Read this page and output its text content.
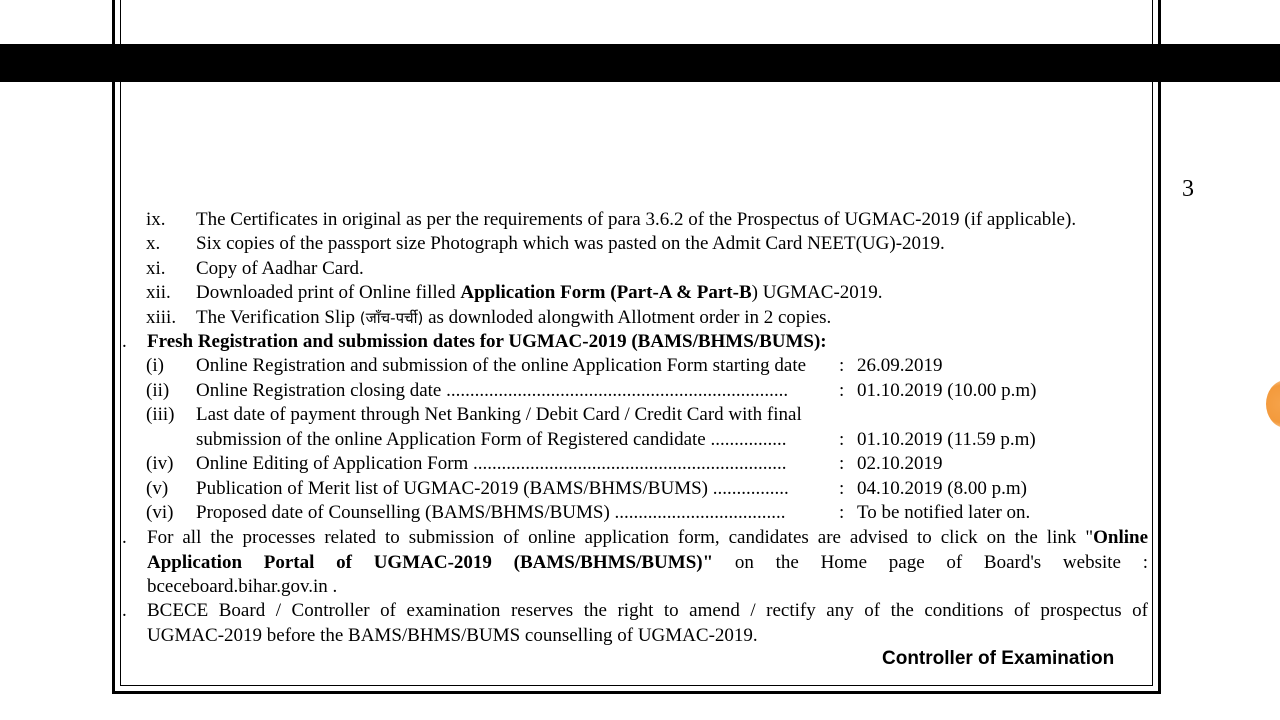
3
ix. The Certificates in original as per the requirements of para 3.6.2 of the Prospectus of UGMAC-2019 (if applicable).
x. Six copies of the passport size Photograph which was pasted on the Admit Card NEET(UG)-2019.
xi. Copy of Aadhar Card.
xii. Downloaded print of Online filled Application Form (Part-A & Part-B) UGMAC-2019.
xiii. The Verification Slip (जाँच-पर्ची) as downloded alongwith Allotment order in 2 copies.
. Fresh Registration and submission dates for UGMAC-2019 (BAMS/BHMS/BUMS):
(i) Online Registration and submission of the online Application Form starting date : 26.09.2019
(ii) Online Registration closing date ........................................................................	: 01.10.2019 (10.00 p.m)
(iii) Last date of payment through Net Banking / Debit Card / Credit Card with final
submission of the online Application Form of Registered candidate ................	: 01.10.2019 (11.59 p.m)
(iv) Online Editing of Application Form ..................................................................	: 02.10.2019
(v) Publication of Merit list of UGMAC-2019 (BAMS/BHMS/BUMS) ................	: 04.10.2019 (8.00 p.m)
(vi) Proposed date of Counselling (BAMS/BHMS/BUMS) ....................................	: To be notified later on.
. For all the processes related to submission of online application form, candidates are advised to click on the link "Online
Application Portal of UGMAC-2019 (BAMS/BHMS/BUMS)" on the Home page of Board's website :
bceceboard.bihar.gov.in .
. BCECE Board / Controller of examination reserves the right to amend / rectify any of the conditions of prospectus of
UGMAC-2019 before the BAMS/BHMS/BUMS counselling of UGMAC-2019.
Controller of Examination
